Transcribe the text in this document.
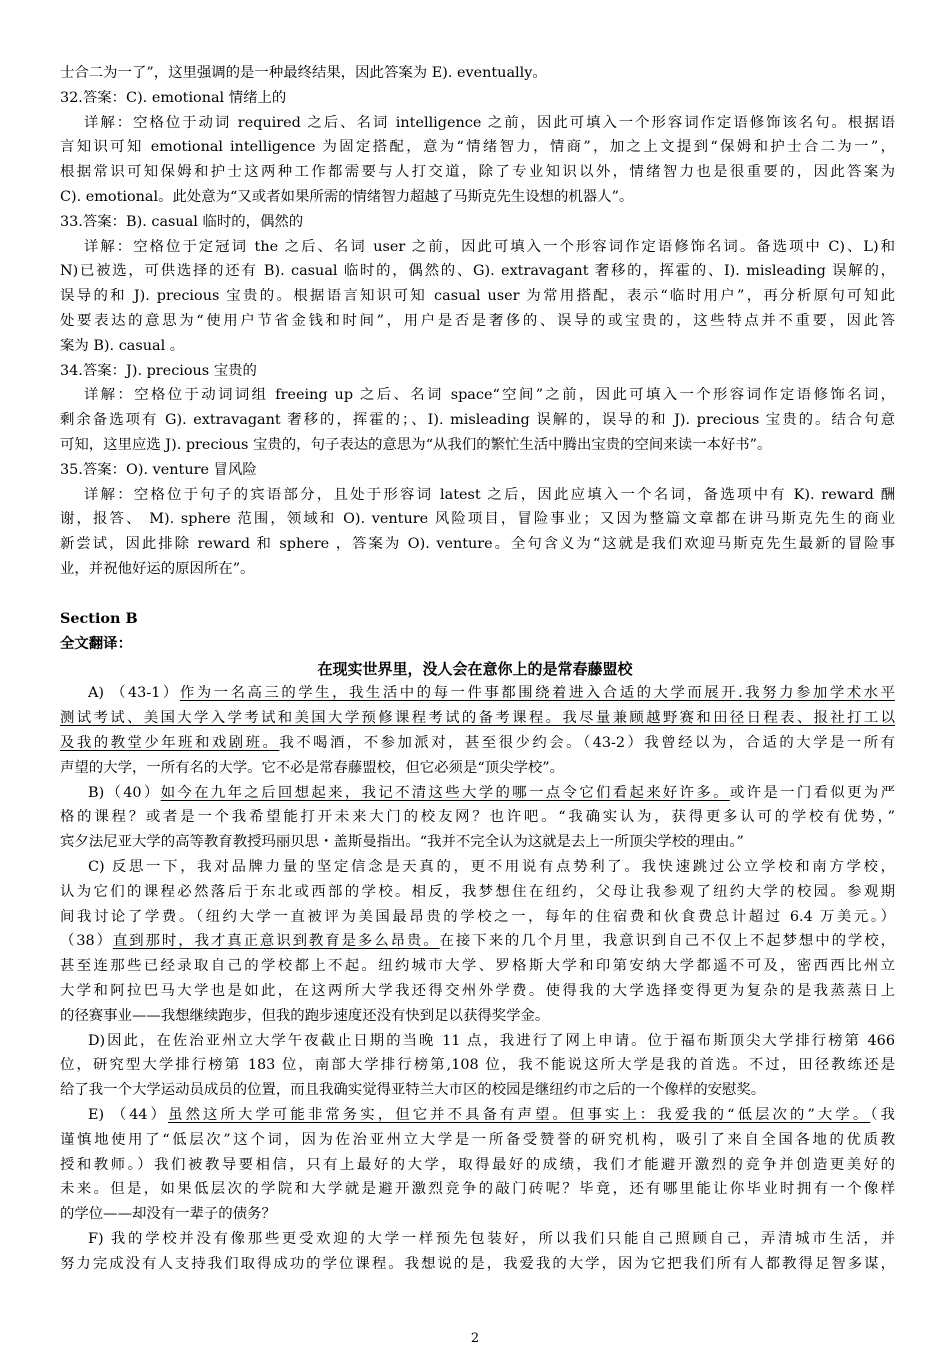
士合二为一了”，这里强调的是一种最终结果，因此答案为 E). eventually。
32.答案：C). emotional 情绪上的
详解：空格位于动词 required 之后、名词 intelligence 之前，因此可填入一个形容词作定语修饰该名句。根据语
言知识可知 emotional intelligence 为固定搭配，意为“情绪智力，情商”，加之上文提到“保姆和护士合二为一”，
根据常识可知保姆和护士这两种工作都需要与人打交道，除了专业知识以外，情绪智力也是很重要的，因此答案为
C). emotional。此处意为“又或者如果所需的情绪智力超越了马斯克先生设想的机器人”。
33.答案：B). casual 临时的，偶然的
详解：空格位于定冠词 the 之后、名词 user 之前，因此可填入一个形容词作定语修饰名词。备选项中 C)、L)和
N)已被选，可供选择的还有 B). casual 临时的，偶然的、G). extravagant 奢移的，挥霍的、I). misleading 误解的，
误导的和 J). precious 宝贵的。根据语言知识可知 casual user 为常用搭配，表示“临时用户”，再分析原句可知此
处要表达的意思为“使用户节省金钱和时间”，用户是否是奢侈的、误导的或宝贵的，这些特点并不重要，因此答
案为 B). casual 。
34.答案：J). precious 宝贵的
详解：空格位于动词词组 freeing up 之后、名词 space“空间”之前，因此可填入一个形容词作定语修饰名词，
剩余备选项有 G). extravagant 奢移的，挥霍的；、I). misleading 误解的，误导的和 J). precious 宝贵的。结合句意
可知，这里应选 J). precious 宝贵的，句子表达的意思为“从我们的繁忙生活中腾出宝贵的空间来读一本好书”。
35.答案：O). venture 冒风险
详解：空格位于句子的宾语部分，且处于形容词 latest 之后，因此应填入一个名词，备选项中有 K). reward 酬
谢，报答、 M). sphere 范围，领域和 O). venture 风险项目，冒险事业；又因为整篇文章都在讲马斯克先生的商业
新尝试，因此排除 reward 和 sphere ，答案为 O). venture。全句含义为“这就是我们欢迎马斯克先生最新的冒险事
业，并祝他好运的原因所在”。
Section B
全文翻译：
在现实世界里，没人会在意你上的是常春藤盟校
A) （43-1）作为一名高三的学生，我生活中的每一件事都围绕着进入合适的大学而展开.我努力参加学术水平
测试考试、美国大学入学考试和美国大学预修课程考试的备考课程。我尽量兼顾越野赛和田径日程表、报社打工以
及我的教堂少年班和戏剧班。我不喝酒，不参加派对，甚至很少约会。（43-2）我曾经以为，合适的大学是一所有
声望的大学，一所有名的大学。它不必是常春藤盟校，但它必须是“顶尖学校”。
B)（40）如今在九年之后回想起来，我记不清这些大学的哪一点令它们看起来好许多。或许是一门看似更为严
格的课程？或者是一个我希望能打开未来大门的校友网？也许吧。“我确实认为，获得更多认可的学校有优势，”
宾夕法尼亚大学的高等教育教授玛丽贝思・盖斯曼指出。“我并不完全认为这就是去上一所顶尖学校的理由。”
C) 反思一下，我对品牌力量的坚定信念是天真的，更不用说有点势利了。我快速跳过公立学校和南方学校，
认为它们的课程必然落后于东北或西部的学校。相反，我梦想住在纽约，父母让我参观了纽约大学的校园。参观期
间我讨论了学费。（纽约大学一直被评为美国最昂贵的学校之一，每年的住宿费和伙食费总计超过 6.4 万美元。）
（38）直到那时，我才真正意识到教育是多么昂贵。在接下来的几个月里，我意识到自己不仅上不起梦想中的学校，
甚至连那些已经录取自己的学校都上不起。纽约城市大学、罗格斯大学和印第安纳大学都遥不可及，密西西比州立
大学和阿拉巴马大学也是如此，在这两所大学我还得交州外学费。使得我的大学选择变得更为复杂的是我蒸蒸日上
的径赛事业——我想继续跑步，但我的跑步速度还没有快到足以获得奖学金。
D)因此，在佐治亚州立大学午夜截止日期的当晚 11 点，我进行了网上申请。位于福布斯顶尖大学排行榜第 466
位，研究型大学排行榜第 183 位，南部大学排行榜第,108 位，我不能说这所大学是我的首选。不过，田径教练还是
给了我一个大学运动员成员的位置，而且我确实觉得亚特兰大市区的校园是继纽约市之后的一个像样的安慰奖。
E) （44）虽然这所大学可能非常务实，但它并不具备有声望。但事实上：我爱我的“低层次的”大学。（我
谨慎地使用了“低层次”这个词，因为佐治亚州立大学是一所备受赞誉的研究机构，吸引了来自全国各地的优质教
授和教师。）我们被教导要相信，只有上最好的大学，取得最好的成绩，我们才能避开激烈的竞争并创造更美好的
未来。但是，如果低层次的学院和大学就是避开激烈竞争的敲门砖呢？毕竟，还有哪里能让你毕业时拥有一个像样
的学位——却没有一辈子的债务？
F) 我的学校并没有像那些更受欢迎的大学一样预先包装好，所以我们只能自己照顾自己，弄清城市生活，并
努力完成没有人支持我们取得成功的学位课程。我想说的是，我爱我的大学，因为它把我们所有人都教得足智多谋，
2
